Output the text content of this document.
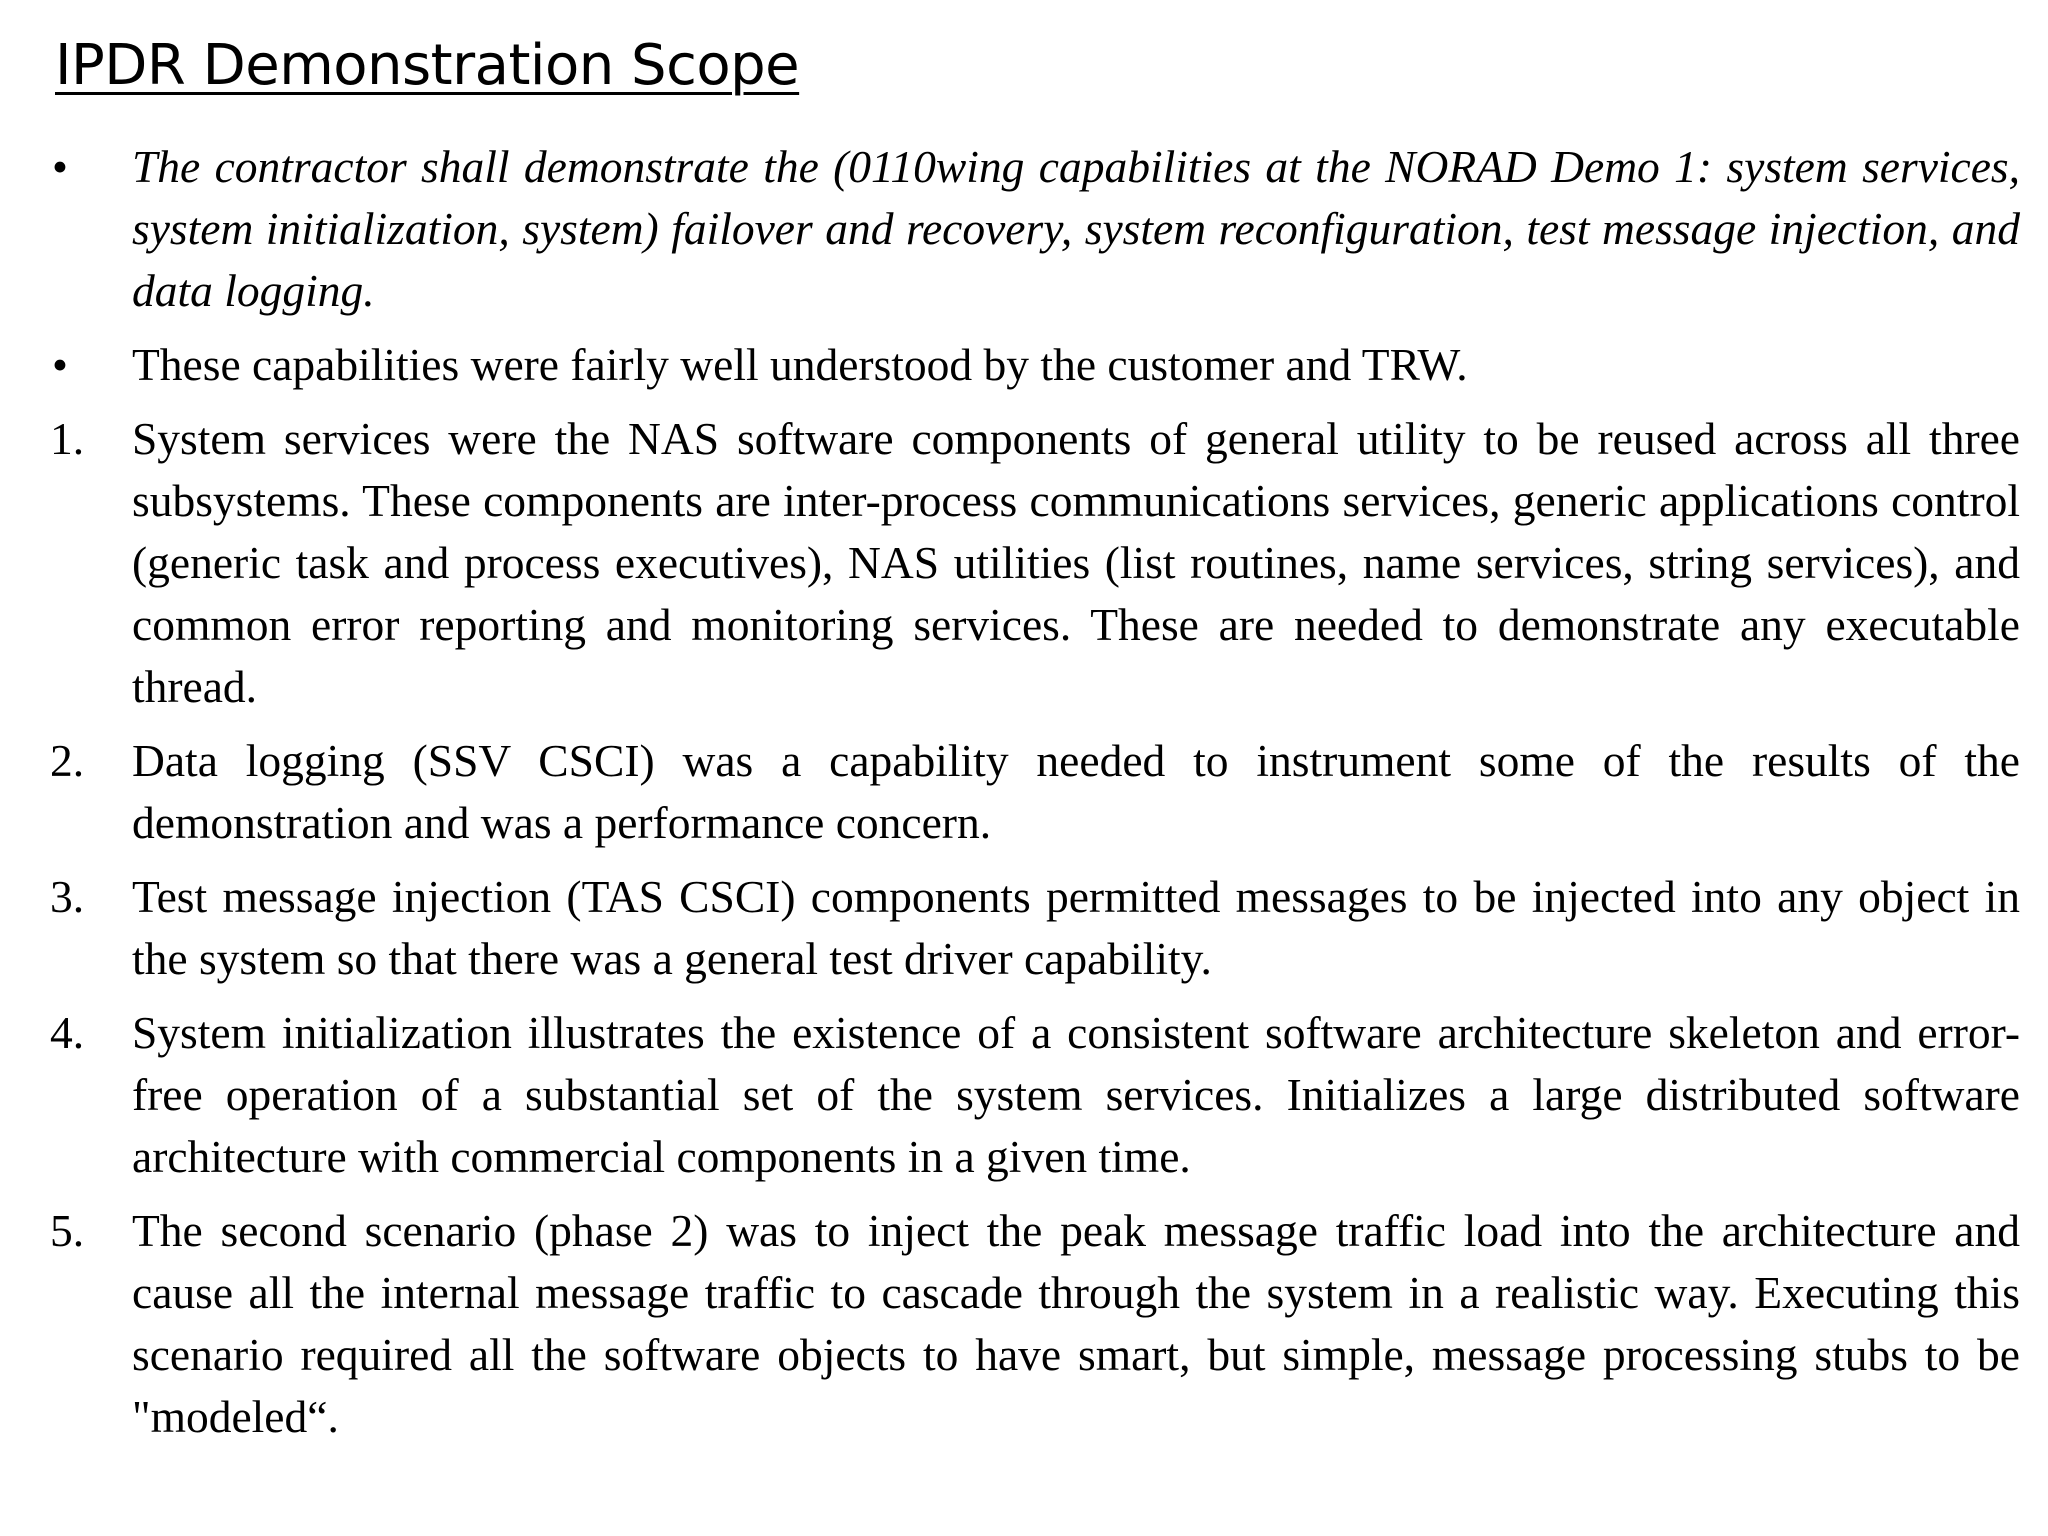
IPDR Demonstration Scope
•	The contractor shall demonstrate the (0110wing capabilities at the NORAD Demo 1: system services, system initialization, system) failover and recovery, system reconfiguration, test message injection, and data logging.
•	These capabilities were fairly well understood by the customer and TRW.
1.	System services were the NAS software components of general utility to be reused across all three subsystems. These components are inter-process communications services, generic applications control (generic task and process executives), NAS utilities (list routines, name services, string services), and common error reporting and monitoring services. These are needed to demonstrate any executable thread.
2.	Data logging (SSV CSCI) was a capability needed to instrument some of the results of the demonstration and was a performance concern.
3.	Test message injection (TAS CSCI) components permitted messages to be injected into any object in the system so that there was a general test driver capability.
4.	System initialization illustrates the existence of a consistent software architecture skeleton and error-free operation of a substantial set of the system services. Initializes a large distributed software architecture with commercial components in a given time.
5.	The second scenario (phase 2) was to inject the peak message traffic load into the architecture and cause all the internal message traffic to cascade through the system in a realistic way. Executing this scenario required all the software objects to have smart, but simple, message processing stubs to be "modeled“.
